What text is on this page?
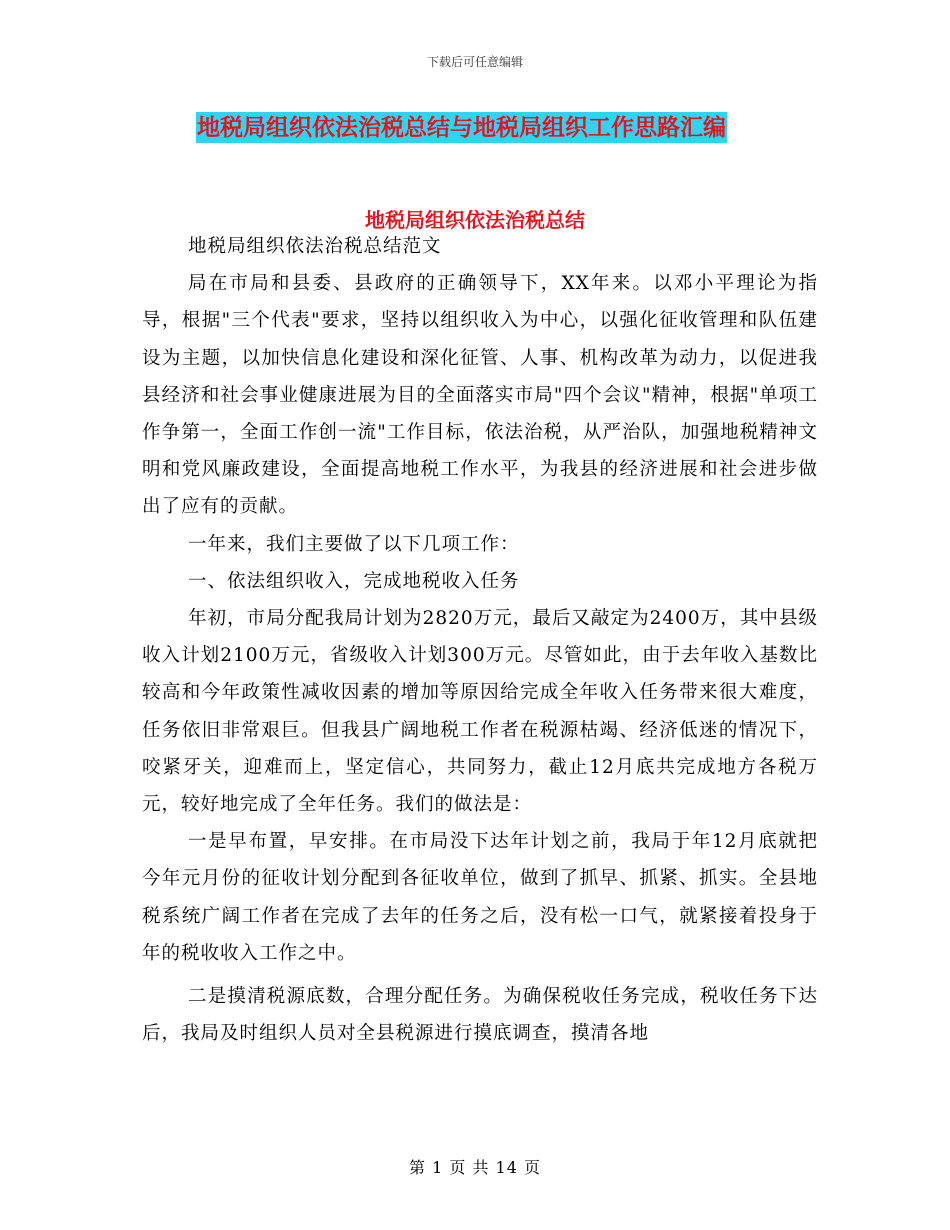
下载后可任意编辑
地税局组织依法治税总结与地税局组织工作思路汇编
地税局组织依法治税总结

地税局组织依法治税总结范文

局在市局和县委、县政府的正确领导下，XX年来。以邓小平理论为指导，根据"三个代表"要求，坚持以组织收入为中心，以强化征收管理和队伍建设为主题，以加快信息化建设和深化征管、人事、机构改革为动力，以促进我县经济和社会事业健康进展为目的全面落实市局"四个会议"精神，根据"单项工作争第一，全面工作创一流"工作目标，依法治税，从严治队，加强地税精神文明和党风廉政建设，全面提高地税工作水平，为我县的经济进展和社会进步做出了应有的贡献。

一年来，我们主要做了以下几项工作：

一、依法组织收入，完成地税收入任务

年初，市局分配我局计划为2820万元，最后又敲定为2400万，其中县级收入计划2100万元，省级收入计划300万元。尽管如此，由于去年收入基数比较高和今年政策性减收因素的增加等原因给完成全年收入任务带来很大难度，任务依旧非常艰巨。但我县广阔地税工作者在税源枯竭、经济低迷的情况下，咬紧牙关，迎难而上，坚定信心，共同努力，截止12月底共完成地方各税万元，较好地完成了全年任务。我们的做法是：

一是早布置，早安排。在市局没下达年计划之前，我局于年12月底就把今年元月份的征收计划分配到各征收单位，做到了抓早、抓紧、抓实。全县地税系统广阔工作者在完成了去年的任务之后，没有松一口气，就紧接着投身于年的税收收入工作之中。

二是摸清税源底数，合理分配任务。为确保税收任务完成，税收任务下达后，我局及时组织人员对全县税源进行摸底调查，摸清各地

第 1 页 共 14 页
